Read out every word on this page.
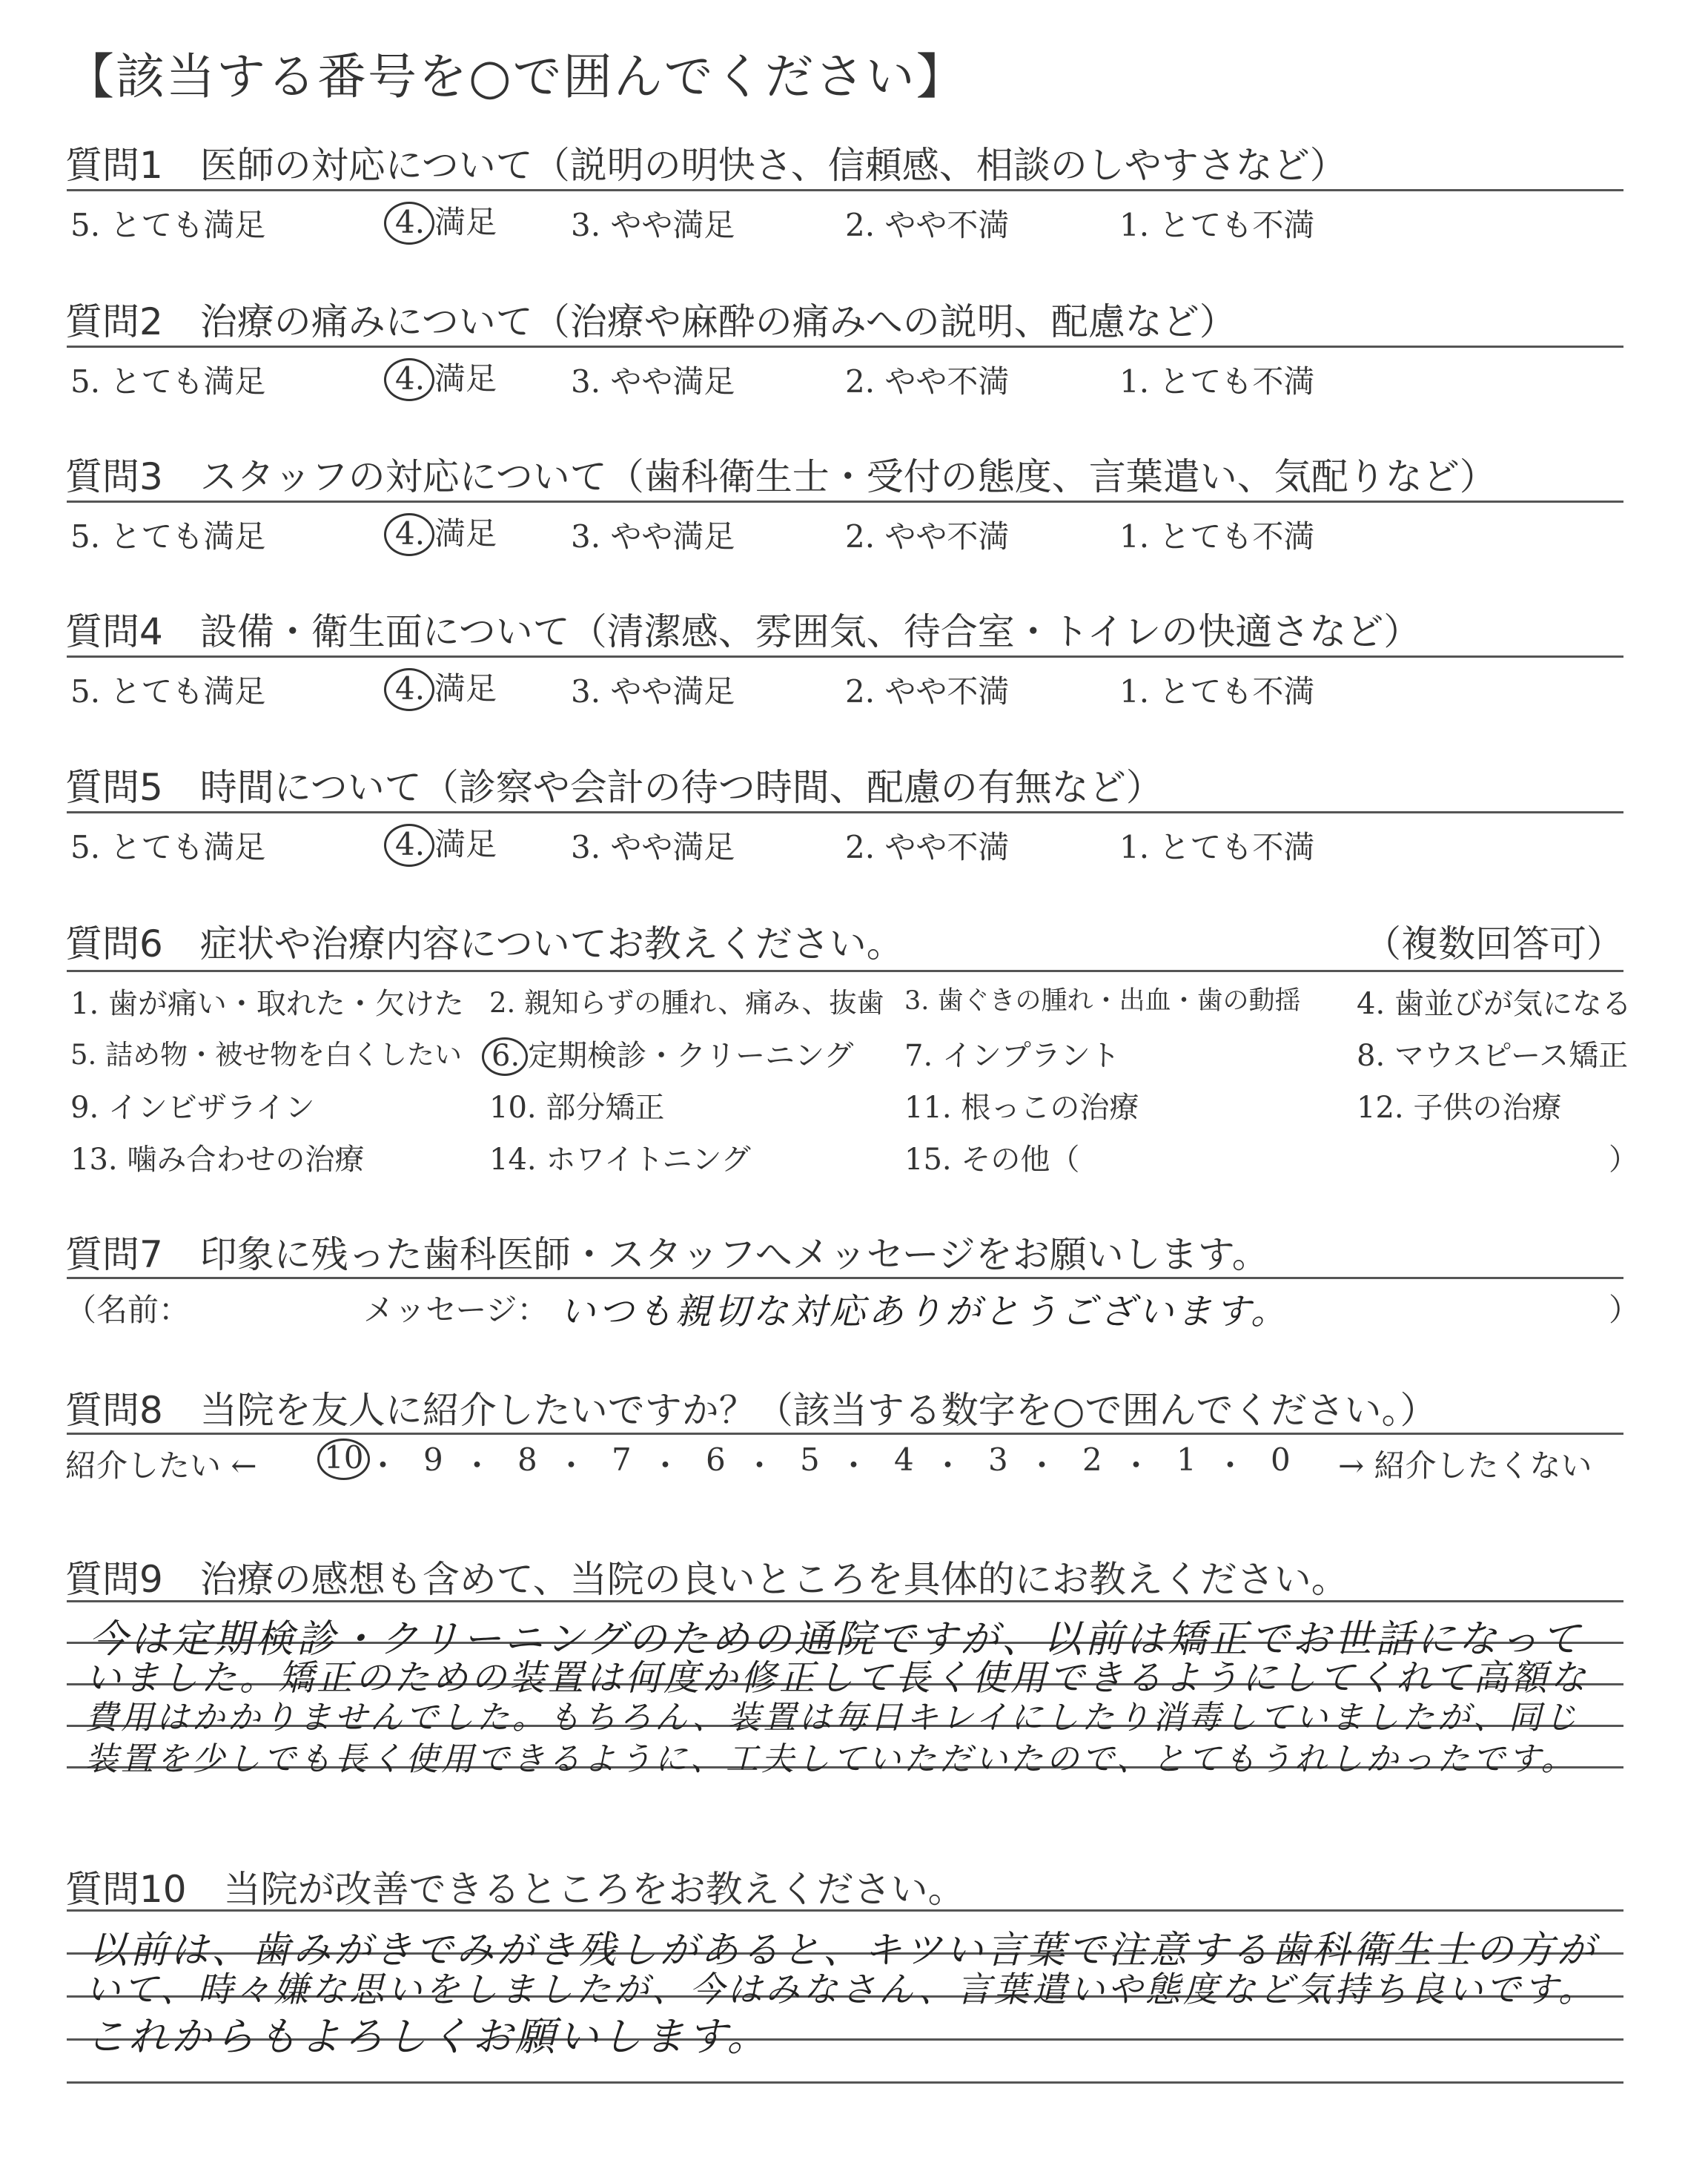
【該当する番号を○で囲んでください】
質問1　医師の対応について（説明の明快さ、信頼感、相談のしやすさなど）
5. とても満足	4. 満足 3. やや満足	2. やや不満	1. とても不満
質問2　治療の痛みについて（治療や麻酔の痛みへの説明、配慮など）
5. とても満足	4. 満足 3. やや満足	2. やや不満	1. とても不満
質問3　スタッフの対応について（歯科衛生士・受付の態度、言葉遣い、気配りなど）
5. とても満足	4. 満足 3. やや満足	2. やや不満	1. とても不満
質問4　設備・衛生面について（清潔感、雰囲気、待合室・トイレの快適さなど）
5. とても満足	4. 満足 3. やや満足	2. やや不満	1. とても不満
質問5　時間について（診察や会計の待つ時間、配慮の有無など）
5. とても満足	4. 満足 3. やや満足	2. やや不満	1. とても不満
質問6　症状や治療内容についてお教えください。	（複数回答可）
1. 歯が痛い・取れた・欠けた 2. 親知らずの腫れ、痛み、抜歯 3. 歯ぐきの腫れ・出血・歯の動揺 4. 歯並びが気になる
5. 詰め物・被せ物を白くしたい 6. 定期検診・クリーニング 7. インプラント	8. マウスピース矯正
9. インビザライン	10. 部分矯正	11. 根っこの治療	12. 子供の治療
13. 噛み合わせの治療	14. ホワイトニング	15. その他（	）
質問7　印象に残った歯科医師・スタッフへメッセージをお願いします。
（名前：	メッセージ： いつも親切な対応ありがとうございます。	）
質問8　当院を友人に紹介したいですか？（該当する数字を○で囲んでください。）
紹介したい ← 10 ・ 9 ・ 8 ・ 7 ・ 6 ・ 5 ・ 4 ・ 3 ・ 2 ・ 1 ・ 0 → 紹介したくない
質問9　治療の感想も含めて、当院の良いところを具体的にお教えください。
今は定期検診・クリーニングのための通院ですが、以前は矯正でお世話になって
いました。矯正のための装置は何度か修正して長く使用できるようにしてくれて高額な
費用はかかりませんでした。もちろん、装置は毎日キレイにしたり消毒していましたが、同じ
装置を少しでも長く使用できるように、工夫していただいたので、とてもうれしかったです。
質問10　当院が改善できるところをお教えください。
以前は、歯みがきでみがき残しがあると、キツい言葉で注意する歯科衛生士の方が
いて、時々嫌な思いをしましたが、今はみなさん、言葉遣いや態度など気持ち良いです。
これからもよろしくお願いします。
